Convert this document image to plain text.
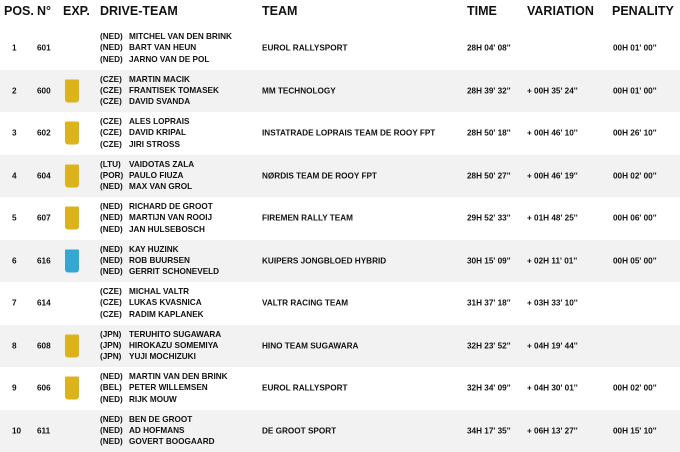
POS. N° EXP. DRIVE-TEAM	TEAM	TIME VARIATION PENALITY
1 601
(NED) MITCHEL VAN DEN BRINK
(NED) BART VAN HEUN
(NED) JARNO VAN DE POL
EUROL RALLYSPORT	28H 04' 08''	00H 01' 00''
2 600
(CZE) MARTIN MACIK
(CZE) FRANTISEK TOMASEK
(CZE) DAVID SVANDA
MM TECHNOLOGY	28H 39' 32'' + 00H 35' 24''	00H 01' 00''
3 602
(CZE) ALES LOPRAIS
(CZE) DAVID KRIPAL
(CZE) JIRI STROSS
INSTATRADE LOPRAIS TEAM DE ROOY FPT	28H 50' 18'' + 00H 46' 10''	00H 26' 10''
4 604
(LTU) VAIDOTAS ZALA
(POR) PAULO FIUZA
(NED) MAX VAN GROL
NØRDIS TEAM DE ROOY FPT	28H 50' 27'' + 00H 46' 19''	00H 02' 00''
5 607
(NED) RICHARD DE GROOT
(NED) MARTIJN VAN ROOIJ
(NED) JAN HULSEBOSCH
FIREMEN RALLY TEAM	29H 52' 33'' + 01H 48' 25''	00H 06' 00''
6 616
(NED) KAY HUZINK
(NED) ROB BUURSEN
(NED) GERRIT SCHONEVELD
KUIPERS JONGBLOED HYBRID	30H 15' 09'' + 02H 11' 01''	00H 05' 00''
7 614
(CZE) MICHAL VALTR
(CZE) LUKAS KVASNICA
(CZE) RADIM KAPLANEK
VALTR RACING TEAM	31H 37' 18'' + 03H 33' 10''
8 608
(JPN) TERUHITO SUGAWARA
(JPN) HIROKAZU SOMEMIYA
(JPN) YUJI MOCHIZUKI
HINO TEAM SUGAWARA	32H 23' 52'' + 04H 19' 44''
9 606
(NED) MARTIN VAN DEN BRINK
(BEL) PETER WILLEMSEN
(NED) RIJK MOUW
EUROL RALLYSPORT	32H 34' 09'' + 04H 30' 01''	00H 02' 00''
10 611
(NED) BEN DE GROOT
(NED) AD HOFMANS
(NED) GOVERT BOOGAARD
DE GROOT SPORT	34H 17' 35'' + 06H 13' 27''	00H 15' 10''
